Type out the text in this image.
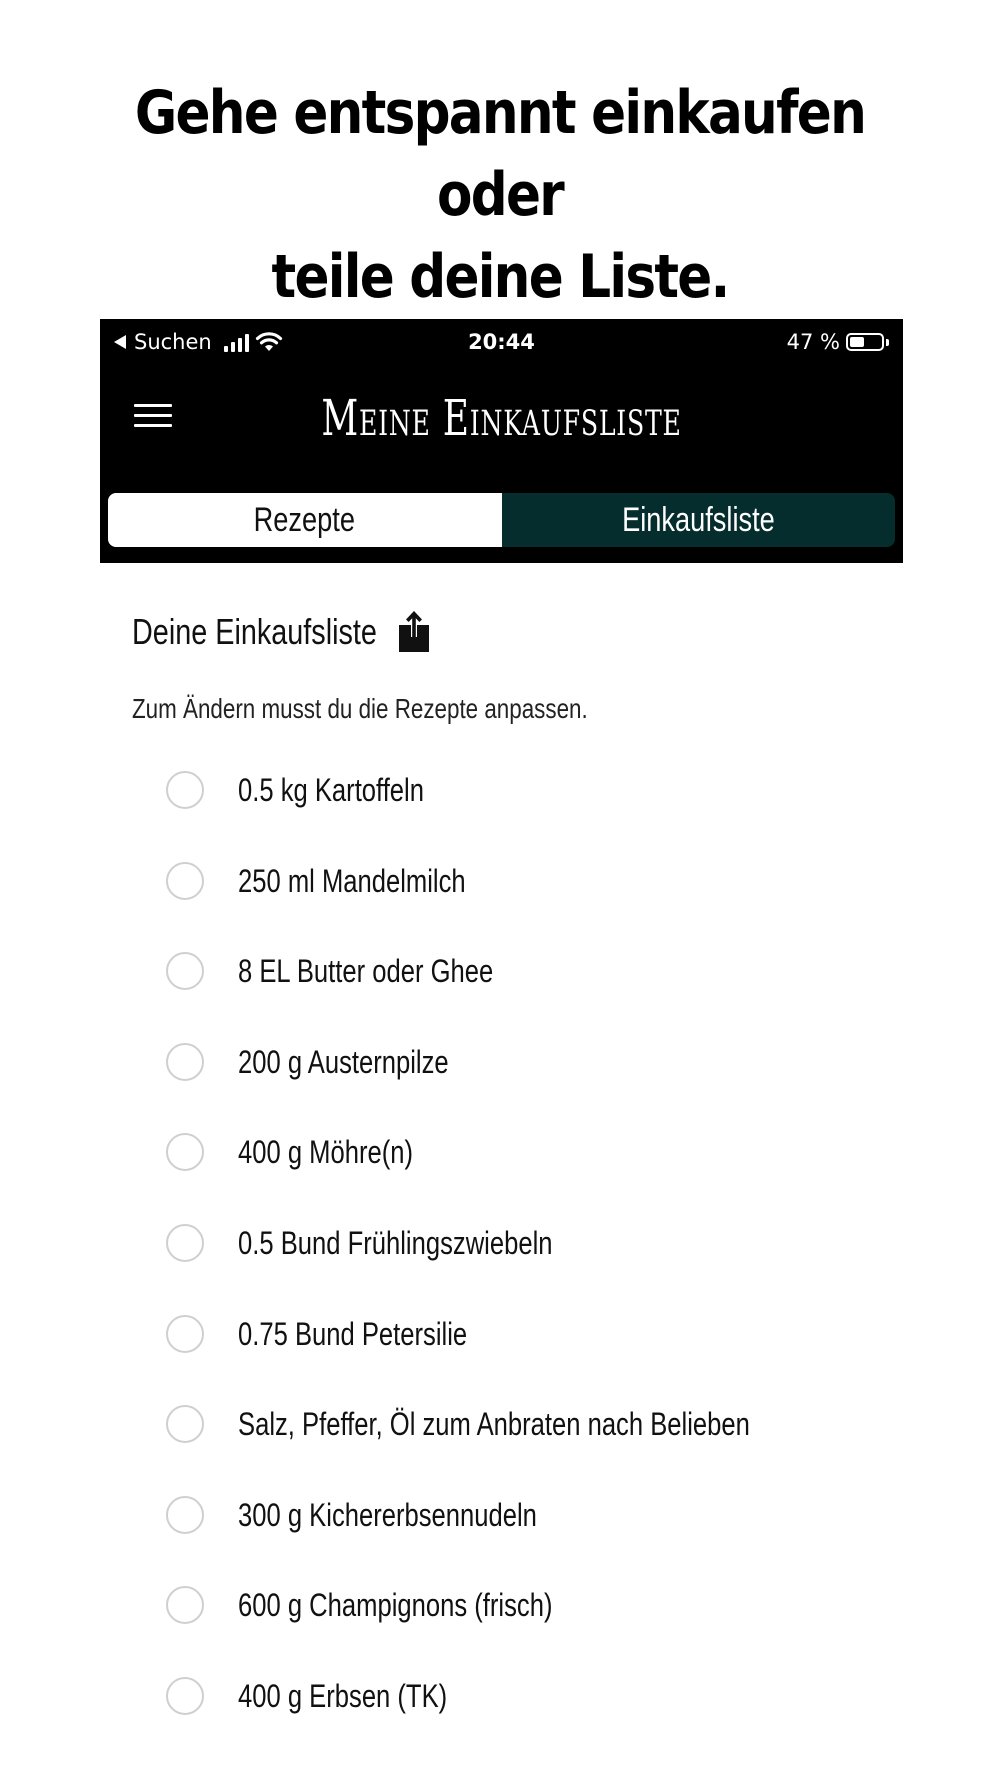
Gehe entspannt einkaufen oder
teile deine Liste.
Suchen	20:44	47 %
Meine Einkaufsliste
Rezepte	Einkaufsliste
Deine Einkaufsliste
Zum Ändern musst du die Rezepte anpassen.
0.5 kg Kartoffeln
250 ml Mandelmilch
8 EL Butter oder Ghee
200 g Austernpilze
400 g Möhre(n)
0.5 Bund Frühlingszwiebeln
0.75 Bund Petersilie
Salz, Pfeffer, Öl zum Anbraten nach Belieben
300 g Kichererbsennudeln
600 g Champignons (frisch)
400 g Erbsen (TK)
